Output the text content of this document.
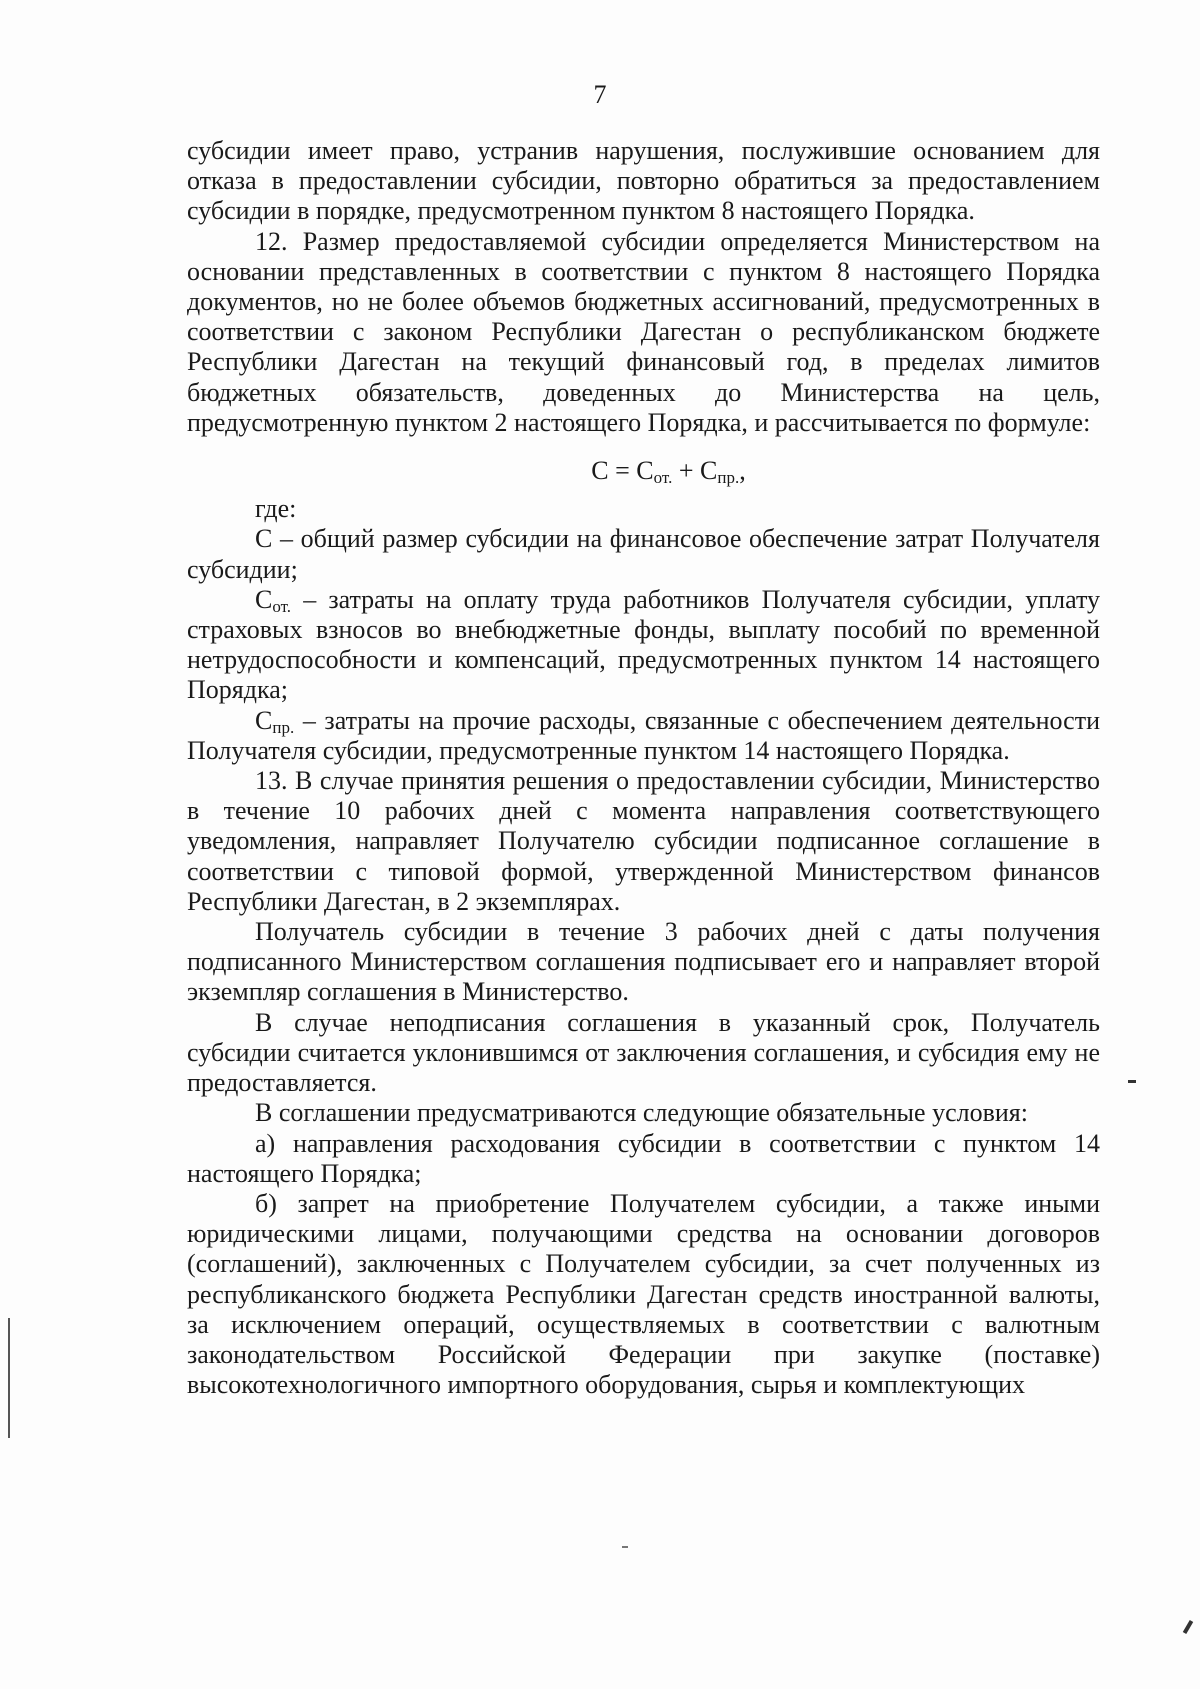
7

субсидии имеет право, устранив нарушения, послужившие основанием для отказа в предоставлении субсидии, повторно обратиться за предоставлением субсидии в порядке, предусмотренном пунктом 8 настоящего Порядка.

12. Размер предоставляемой субсидии определяется Министерством на основании представленных в соответствии с пунктом 8 настоящего Порядка документов, но не более объемов бюджетных ассигнований, предусмотренных в соответствии с законом Республики Дагестан о республиканском бюджете Республики Дагестан на текущий финансовый год, в пределах лимитов бюджетных обязательств, доведенных до Министерства на цель, предусмотренную пунктом 2 настоящего Порядка, и рассчитывается по формуле:

$C = C_{от.} + C_{пр.}$,

где:

С – общий размер субсидии на финансовое обеспечение затрат Получателя субсидии;

$С_{от.}$ – затраты на оплату труда работников Получателя субсидии, уплату страховых взносов во внебюджетные фонды, выплату пособий по временной нетрудоспособности и компенсаций, предусмотренных пунктом 14 настоящего Порядка;

$С_{пр.}$ – затраты на прочие расходы, связанные с обеспечением деятельности Получателя субсидии, предусмотренные пунктом 14 настоящего Порядка.

13. В случае принятия решения о предоставлении субсидии, Министерство в течение 10 рабочих дней с момента направления соответствующего уведомления, направляет Получателю субсидии подписанное соглашение в соответствии с типовой формой, утвержденной Министерством финансов Республики Дагестан, в 2 экземплярах.

Получатель субсидии в течение 3 рабочих дней с даты получения подписанного Министерством соглашения подписывает его и направляет второй экземпляр соглашения в Министерство.

В случае неподписания соглашения в указанный срок, Получатель субсидии считается уклонившимся от заключения соглашения, и субсидия ему не предоставляется.

В соглашении предусматриваются следующие обязательные условия:

а) направления расходования субсидии в соответствии с пунктом 14 настоящего Порядка;

б) запрет на приобретение Получателем субсидии, а также иными юридическими лицами, получающими средства на основании договоров (соглашений), заключенных с Получателем субсидии, за счет полученных из республиканского бюджета Республики Дагестан средств иностранной валюты, за исключением операций, осуществляемых в соответствии с валютным законодательством Российской Федерации при закупке (поставке) высокотехнологичного импортного оборудования, сырья и комплектующих
